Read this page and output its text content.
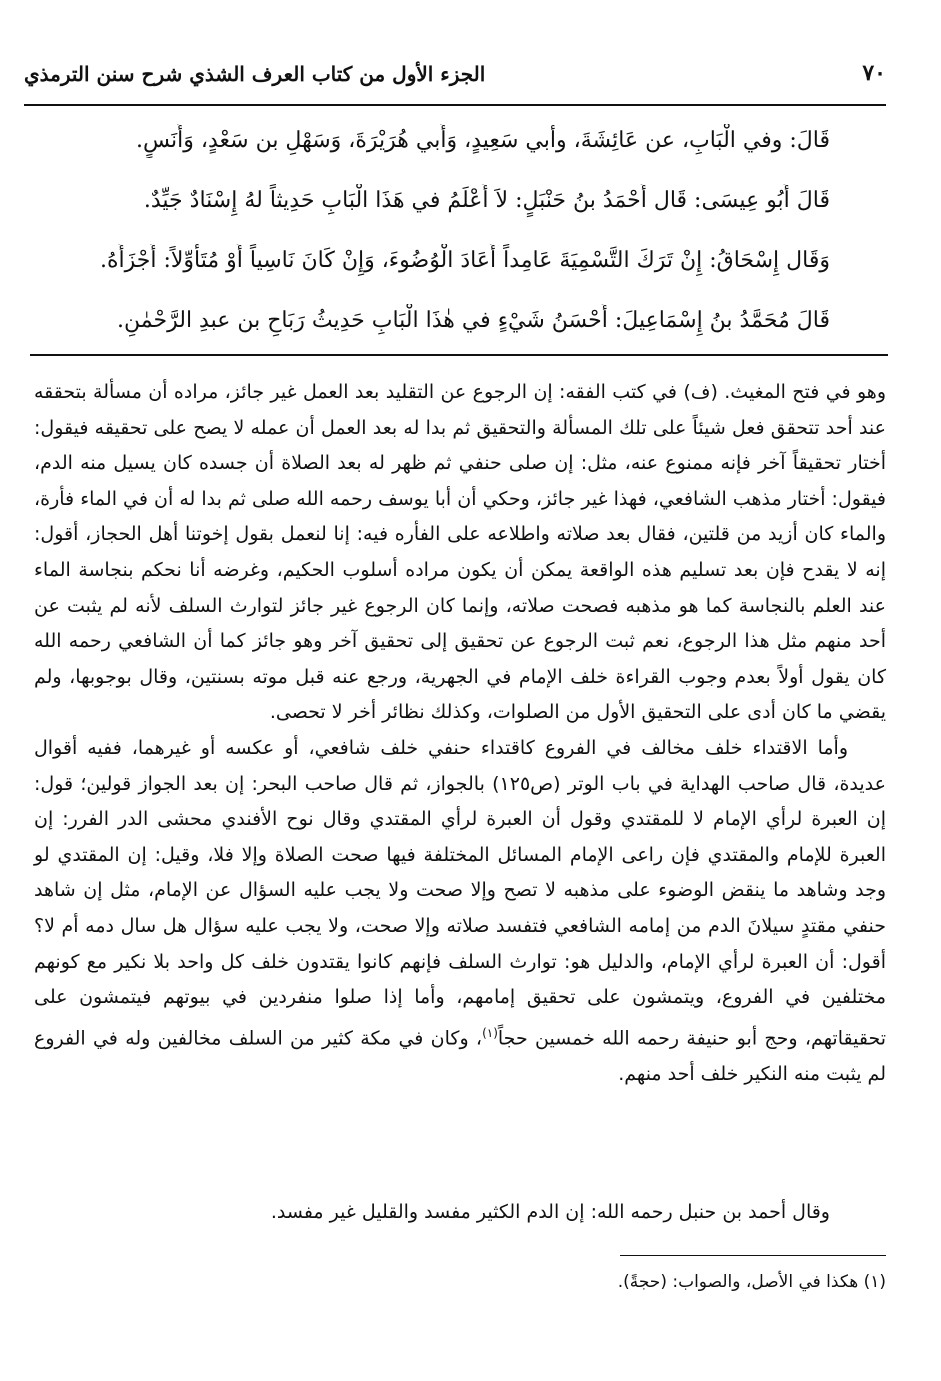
٧٠
الجزء الأول من كتاب العرف الشذي شرح سنن الترمذي
قَالَ: وفي الْبَابِ، عن عَائِشَةَ، وأبي سَعِيدٍ، وَأَبي هُرَيْرَةَ، وَسَهْلِ بن سَعْدٍ، وَأَنَسٍ.
قَالَ أَبُو عِيسَى: قَال أَحْمَدُ بنُ حَنْبَلٍ: لاَ أَعْلَمُ في هَذَا الْبَابِ حَدِيثاً لهُ إِسْنَادٌ جَيِّدٌ.
وَقَال إِسْحَاقُ: إِنْ تَرَكَ التَّسْمِيَةَ عَامِداً أَعَادَ الْوُضُوءَ، وَإِنْ كَانَ نَاسِياً أَوْ مُتَأَوِّلاً: أَجْزَأَهُ.
قَالَ مُحَمَّدُ بنُ إِسْمَاعِيلَ: أَحْسَنُ شَيْءٍ في هٰذَا الْبَابِ حَدِيثُ رَبَاحِ بن عبدِ الرَّحْمٰنِ.

وهو في فتح المغيث. (ف) في كتب الفقه: إن الرجوع عن التقليد بعد العمل غير جائز، مراده أن مسألة بتحققه عند أحد تتحقق فعل شيئاً على تلك المسألة والتحقيق ثم بدا له بعد العمل أن عمله لا يصح على تحقيقه فيقول: أختار تحقيقاً آخر فإنه ممنوع عنه، مثل: إن صلى حنفي ثم ظهر له بعد الصلاة أن جسده كان يسيل منه الدم، فيقول: أختار مذهب الشافعي، فهذا غير جائز، وحكي أن أبا يوسف رحمه الله صلى ثم بدا له أن في الماء فأرة، والماء كان أزيد من قلتين، فقال بعد صلاته واطلاعه على الفأره فيه: إنا لنعمل بقول إخوتنا أهل الحجاز، أقول: إنه لا يقدح فإن بعد تسليم هذه الواقعة يمكن أن يكون مراده أسلوب الحكيم، وغرضه أنا نحكم بنجاسة الماء عند العلم بالنجاسة كما هو مذهبه فصحت صلاته، وإنما كان الرجوع غير جائز لتوارث السلف لأنه لم يثبت عن أحد منهم مثل هذا الرجوع، نعم ثبت الرجوع عن تحقيق إلى تحقيق آخر وهو جائز كما أن الشافعي رحمه الله كان يقول أولاً بعدم وجوب القراءة خلف الإمام في الجهرية، ورجع عنه قبل موته بسنتين، وقال بوجوبها، ولم يقضي ما كان أدى على التحقيق الأول من الصلوات، وكذلك نظائر أخر لا تحصى.

وأما الاقتداء خلف مخالف في الفروع كاقتداء حنفي خلف شافعي، أو عكسه أو غيرهما، ففيه أقوال عديدة، قال صاحب الهداية في باب الوتر (ص١٢٥) بالجواز، ثم قال صاحب البحر: إن بعد الجواز قولين؛ قول: إن العبرة لرأي الإمام لا للمقتدي وقول أن العبرة لرأي المقتدي وقال نوح الأفندي محشى الدر الفرر: إن العبرة للإمام والمقتدي فإن راعى الإمام المسائل المختلفة فيها صحت الصلاة وإلا فلا، وقيل: إن المقتدي لو وجد وشاهد ما ينقض الوضوء على مذهبه لا تصح وإلا صحت ولا يجب عليه السؤال عن الإمام، مثل إن شاهد حنفي مقتدٍ سيلانَ الدم من إمامه الشافعي فتفسد صلاته وإلا صحت، ولا يجب عليه سؤال هل سال دمه أم لا؟ أقول: أن العبرة لرأي الإمام، والدليل هو: توارث السلف فإنهم كانوا يقتدون خلف كل واحد بلا نكير مع كونهم مختلفين في الفروع، ويتمشون على تحقيق إمامهم، وأما إذا صلوا منفردين في بيوتهم فيتمشون على تحقيقاتهم، وحج أبو حنيفة رحمه الله خمسين حجاً$^{(١)}$، وكان في مكة كثير من السلف مخالفين وله في الفروع لم يثبت منه النكير خلف أحد منهم.

وقال أحمد بن حنبل رحمه الله: إن الدم الكثير مفسد والقليل غير مفسد.
(١) هكذا في الأصل، والصواب: (حجةً).
